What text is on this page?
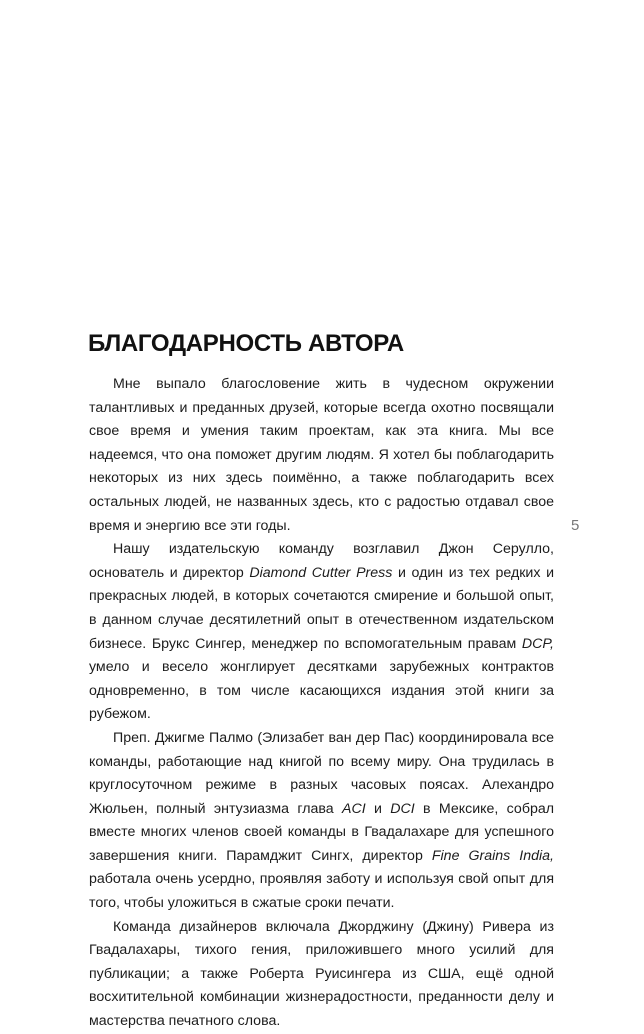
БЛАГОДАРНОСТЬ АВТОРА

Мне выпало благословение жить в чудесном окружении талантливых и преданных друзей, которые всегда охотно посвящали свое время и умения таким проектам, как эта книга. Мы все надеемся, что она поможет другим людям. Я хотел бы поблагодарить некоторых из них здесь поимённо, а также поблагодарить всех остальных людей, не названных здесь, кто с радостью отдавал свое время и энергию все эти годы.

Нашу издательскую команду возглавил Джон Серулло, основатель и директор Diamond Cutter Press и один из тех редких и прекрасных людей, в которых сочетаются смирение и большой опыт, в данном случае десятилетний опыт в отечественном издательском бизнесе. Брукс Сингер, менеджер по вспомогательным правам DCP, умело и весело жонглирует десятками зарубежных контрактов одновременно, в том числе касающихся издания этой книги за рубежом.

Преп. Джигме Палмо (Элизабет ван дер Пас) координировала все команды, работающие над книгой по всему миру. Она трудилась в круглосуточном режиме в разных часовых поясах. Алехандро Жюльен, полный энтузиазма глава ACI и DCI в Мексике, собрал вместе многих членов своей команды в Гвадалахаре для успешного завершения книги. Парамджит Сингх, директор Fine Grains India, работала очень усердно, проявляя заботу и используя свой опыт для того, чтобы уложиться в сжатые сроки печати.

Команда дизайнеров включала Джорджину (Джину) Ривера из Гвадалахары, тихого гения, приложившего много усилий для публикации; а также Роберта Руисингера из США, ещё одной восхитительной комбинации жизнерадостности, преданности делу и мастерства печатного слова.

5
